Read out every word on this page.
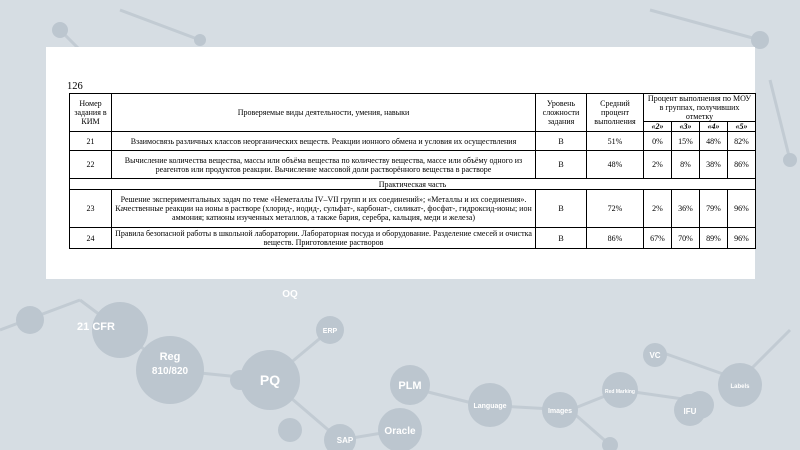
21 CFR
Reg
810/820
PQ
OQ
ERP
PLM
SAP
Oracle
Language
Images
VC
Red Marking
Labels
IFU
126
Номер задания в КИМ	Проверяемые виды деятельности, умения, навыки	Уровень сложности задания	Средний процент выполнения	Процент выполнения по МОУ в группах, получивших отметку			
				«2»	«3»	«4»	«5»
21	Взаимосвязь различных классов неорганических веществ. Реакции ионного обмена и условия их осуществления	В	51%	0%	15%	48%	82%
22	Вычисление количества вещества, массы или объёма вещества по количеству вещества, массе или объёму одного из реагентов или продуктов реакции. Вычисление массовой доли растворённого вещества в растворе	В	48%	2%	8%	38%	86%
Практическая часть							
23	Решение экспериментальных задач по теме «Неметаллы IV–VII групп и их соединений»; «Металлы и их соединения». Качественные реакции на ионы в растворе (хлорид-, иодид-, сульфат-, карбонат-, силикат-, фосфат-, гидроксид-ионы; ион аммония; катионы изученных металлов, а также бария, серебра, кальция, меди и железа)	В	72%	2%	36%	79%	96%
24	Правила безопасной работы в школьной лаборатории. Лабораторная посуда и оборудование. Разделение смесей и очистка веществ. Приготовление растворов	В	86%	67%	70%	89%	96%
